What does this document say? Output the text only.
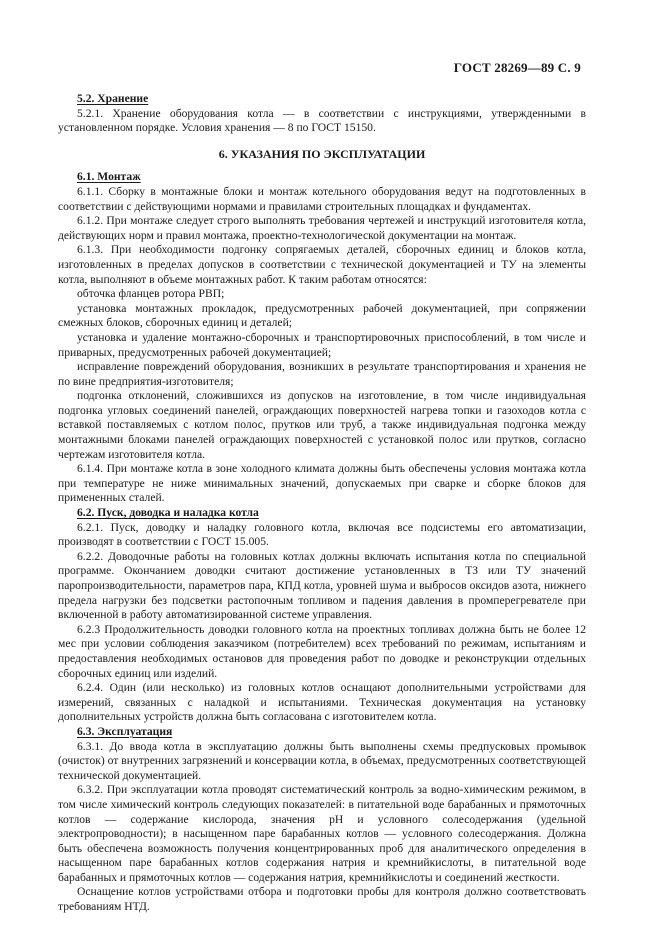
ГОСТ 28269—89 С. 9
5.2. Хранение

5.2.1. Хранение оборудования котла — в соответствии с инструкциями, утвержденными в установленном порядке. Условия хранения — 8 по ГОСТ 15150.

6. УКАЗАНИЯ ПО ЭКСПЛУАТАЦИИ
6.1. Монтаж

6.1.1. Сборку в монтажные блоки и монтаж котельного оборудования ведут на подготовленных в соответствии с действующими нормами и правилами строительных площадках и фундаментах.

6.1.2. При монтаже следует строго выполнять требования чертежей и инструкций изготовителя котла, действующих норм и правил монтажа, проектно-технологической документации на монтаж.

6.1.3. При необходимости подгонку сопрягаемых деталей, сборочных единиц и блоков котла, изготовленных в пределах допусков в соответствии с технической документацией и ТУ на элементы котла, выполняют в объеме монтажных работ. К таким работам относятся:

обточка фланцев ротора РВП;

установка монтажных прокладок, предусмотренных рабочей документацией, при сопряжении смежных блоков, сборочных единиц и деталей;

установка и удаление монтажно-сборочных и транспортировочных приспособлений, в том числе и приварных, предусмотренных рабочей документацией;

исправление повреждений оборудования, возникших в результате транспортирования и хранения не по вине предприятия-изготовителя;

подгонка отклонений, сложившихся из допусков на изготовление, в том числе индивидуальная подгонка угловых соединений панелей, ограждающих поверхностей нагрева топки и газоходов котла с вставкой поставляемых с котлом полос, прутков или труб, а также индивидуальная подгонка между монтажными блоками панелей ограждающих поверхностей с установкой полос или прутков, согласно чертежам изготовителя котла.

6.1.4. При монтаже котла в зоне холодного климата должны быть обеспечены условия монтажа котла при температуре не ниже минимальных значений, допускаемых при сварке и сборке блоков для примененных сталей.

6.2. Пуск, доводка и наладка котла

6.2.1. Пуск, доводку и наладку головного котла, включая все подсистемы его автоматизации, производят в соответствии с ГОСТ 15.005.

6.2.2. Доводочные работы на головных котлах должны включать испытания котла по специальной программе. Окончанием доводки считают достижение установленных в ТЗ или ТУ значений паропроизводительности, параметров пара, КПД котла, уровней шума и выбросов оксидов азота, нижнего предела нагрузки без подсветки растопочным топливом и падения давления в промперегревателе при включенной в работу автоматизированной системе управления.

6.2.3 Продолжительность доводки головного котла на проектных топливах должна быть не более 12 мес при условии соблюдения заказчиком (потребителем) всех требований по режимам, испытаниям и предоставления необходимых остановов для проведения работ по доводке и реконструкции отдельных сборочных единиц или изделий.

6.2.4. Один (или несколько) из головных котлов оснащают дополнительными устройствами для измерений, связанных с наладкой и испытаниями. Техническая документация на установку дополнительных устройств должна быть согласована с изготовителем котла.

6.3. Эксплуатация

6.3.1. До ввода котла в эксплуатацию должны быть выполнены схемы предпусковых промывок (очисток) от внутренних загрязнений и консервации котла, в объемах, предусмотренных соответствующей технической документацией.

6.3.2. При эксплуатации котла проводят систематический контроль за водно-химическим режимом, в том числе химический контроль следующих показателей: в питательной воде барабанных и прямоточных котлов — содержание кислорода, значения pH и условного солесодержания (удельной электропроводности); в насыщенном паре барабанных котлов — условного солесодержания. Должна быть обеспечена возможность получения концентрированных проб для аналитического определения в насыщенном паре барабанных котлов содержания натрия и кремнийкислоты, в питательной воде барабанных и прямоточных котлов — содержания натрия, кремнийкислоты и соединений жесткости.

Оснащение котлов устройствами отбора и подготовки пробы для контроля должно соответствовать требованиям НТД.
